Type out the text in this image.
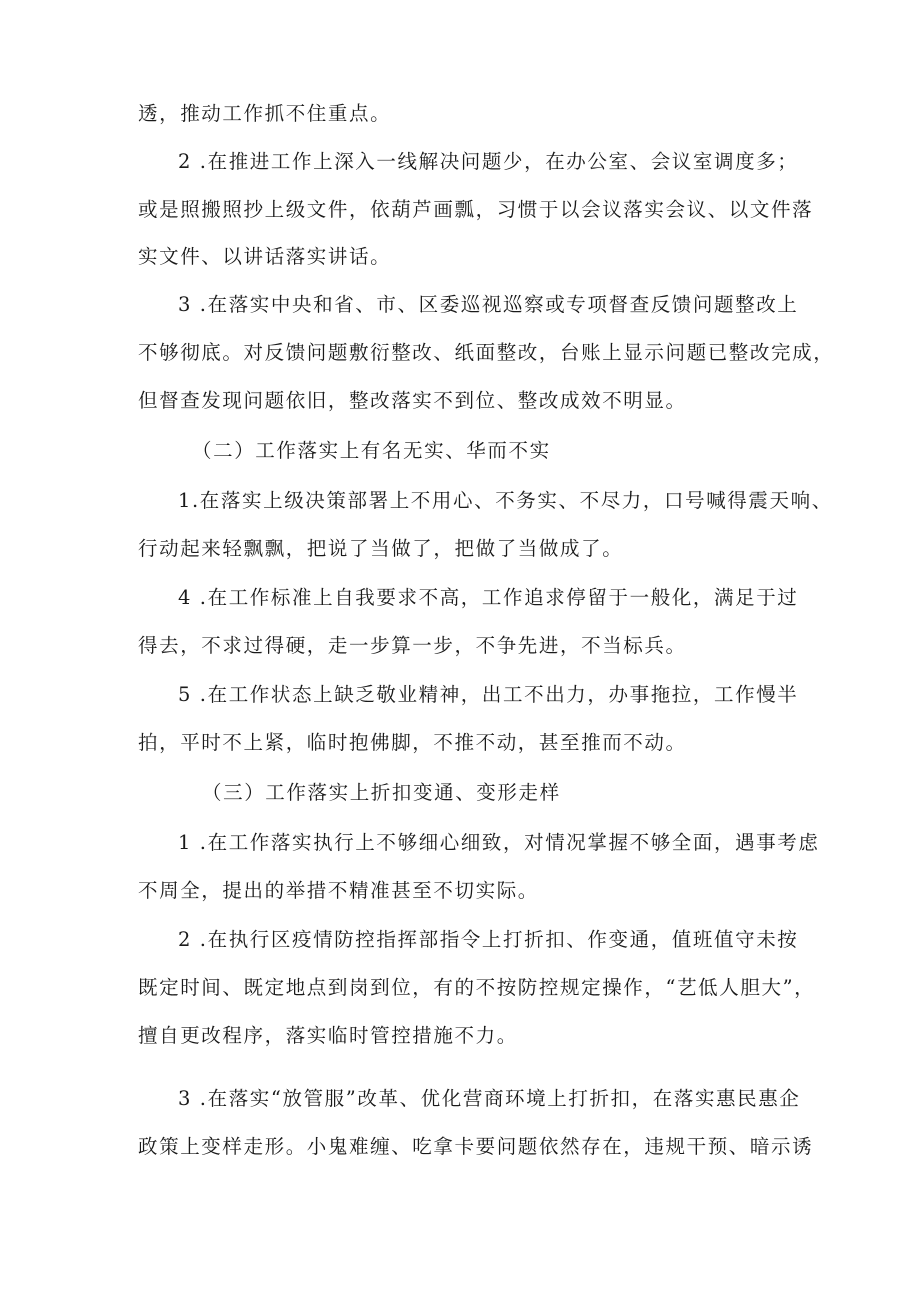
透，推动工作抓不住重点。
2 .在推进工作上深入一线解决问题少，在办公室、会议室调度多；
或是照搬照抄上级文件，依葫芦画瓢，习惯于以会议落实会议、以文件落
实文件、以讲话落实讲话。
3 .在落实中央和省、市、区委巡视巡察或专项督查反馈问题整改上
不够彻底。对反馈问题敷衍整改、纸面整改，台账上显示问题已整改完成，
但督查发现问题依旧，整改落实不到位、整改成效不明显。
（二）工作落实上有名无实、华而不实
1.在落实上级决策部署上不用心、不务实、不尽力，口号喊得震天响、
行动起来轻飘飘，把说了当做了，把做了当做成了。
4 .在工作标准上自我要求不高，工作追求停留于一般化，满足于过
得去，不求过得硬，走一步算一步，不争先进，不当标兵。
5 .在工作状态上缺乏敬业精神，出工不出力，办事拖拉，工作慢半
拍，平时不上紧，临时抱佛脚，不推不动，甚至推而不动。
（三）工作落实上折扣变通、变形走样
1 .在工作落实执行上不够细心细致，对情况掌握不够全面，遇事考虑
不周全，提出的举措不精准甚至不切实际。
2 .在执行区疫情防控指挥部指令上打折扣、作变通，值班值守未按
既定时间、既定地点到岗到位，有的不按防控规定操作，“艺低人胆大”，
擅自更改程序，落实临时管控措施不力。
3 .在落实“放管服”改革、优化营商环境上打折扣，在落实惠民惠企
政策上变样走形。小鬼难缠、吃拿卡要问题依然存在，违规干预、暗示诱
